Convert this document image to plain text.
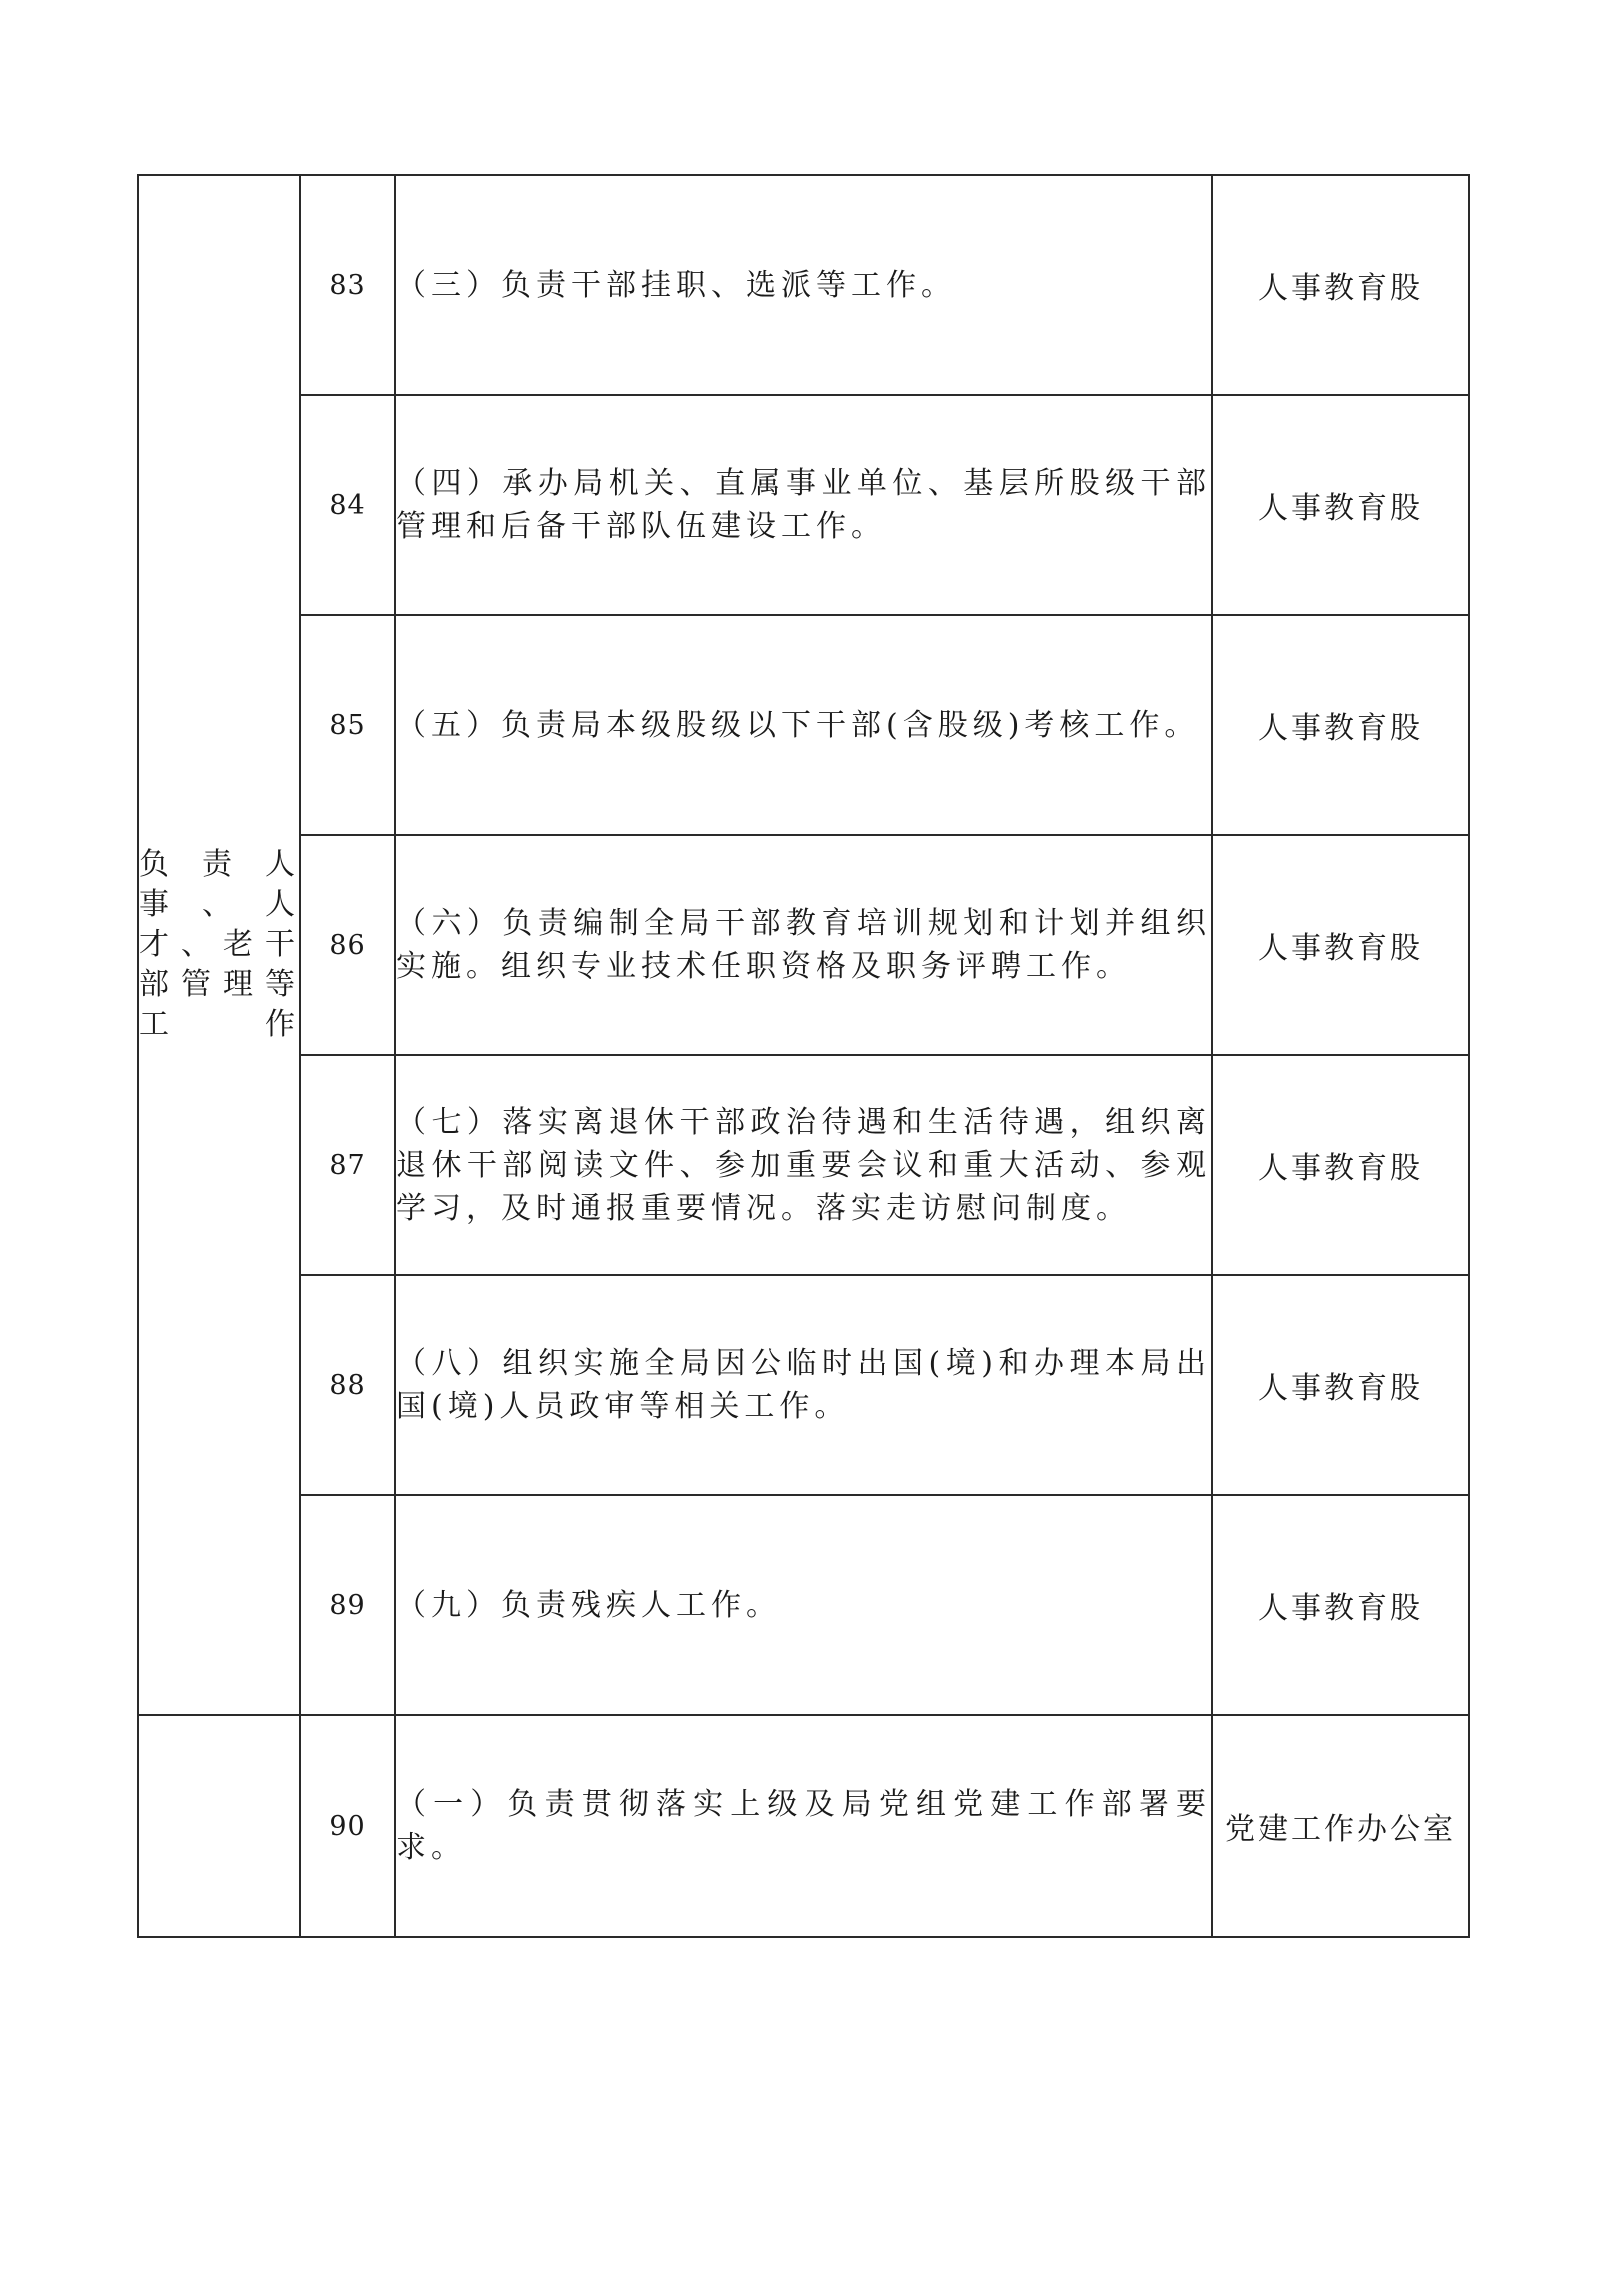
负责人事、人才、老干部管理等工作	83	（三）负责干部挂职、选派等工作。	人事教育股
	84	（四）承办局机关、直属事业单位、基层所股级干部管理和后备干部队伍建设工作。	人事教育股
	85	（五）负责局本级股级以下干部(含股级)考核工作。	人事教育股
	86	（六）负责编制全局干部教育培训规划和计划并组织实施。组织专业技术任职资格及职务评聘工作。	人事教育股
	87	（七）落实离退休干部政治待遇和生活待遇，组织离退休干部阅读文件、参加重要会议和重大活动、参观学习，及时通报重要情况。落实走访慰问制度。	人事教育股
	88	（八）组织实施全局因公临时出国(境)和办理本局出国(境)人员政审等相关工作。	人事教育股
	89	（九）负责残疾人工作。	人事教育股
	90	（一）负责贯彻落实上级及局党组党建工作部署要求。	党建工作办公室
